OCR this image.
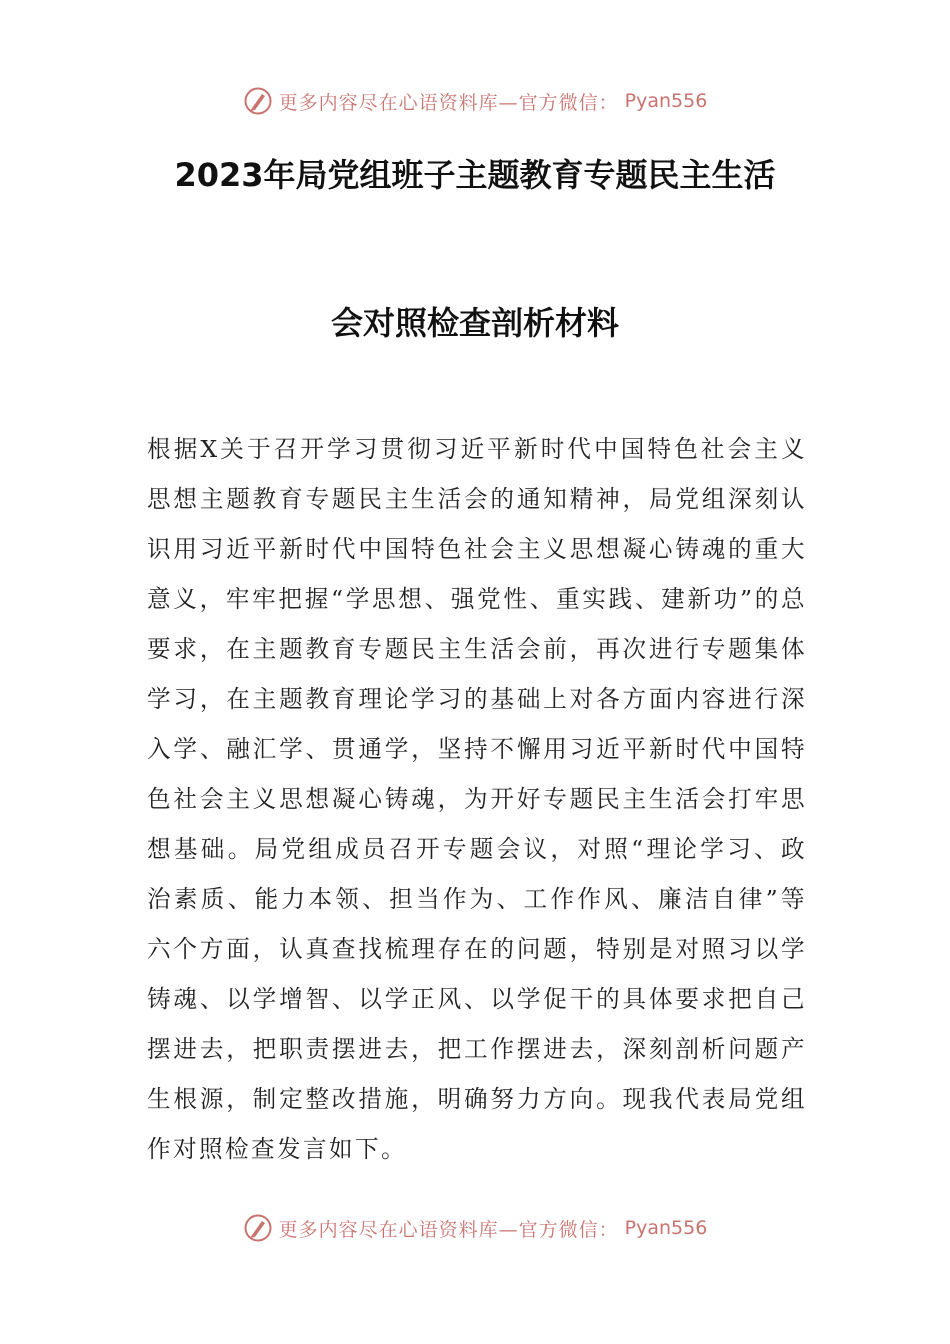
更多内容尽在心语资料库—官方微信： Pyan556
2023年局党组班子主题教育专题民主生活
会对照检查剖析材料

根据X关于召开学习贯彻习近平新时代中国特色社会主义思想主题教育专题民主生活会的通知精神，局党组深刻认识用习近平新时代中国特色社会主义思想凝心铸魂的重大意义，牢牢把握“学思想、强党性、重实践、建新功”的总要求，在主题教育专题民主生活会前，再次进行专题集体学习，在主题教育理论学习的基础上对各方面内容进行深入学、融汇学、贯通学，坚持不懈用习近平新时代中国特色社会主义思想凝心铸魂，为开好专题民主生活会打牢思想基础。局党组成员召开专题会议，对照“理论学习、政治素质、能力本领、担当作为、工作作风、廉洁自律”等六个方面，认真查找梳理存在的问题，特别是对照习以学铸魂、以学增智、以学正风、以学促干的具体要求把自己摆进去，把职责摆进去，把工作摆进去，深刻剖析问题产生根源，制定整改措施，明确努力方向。现我代表局党组作对照检查发言如下。

更多内容尽在心语资料库—官方微信： Pyan556
